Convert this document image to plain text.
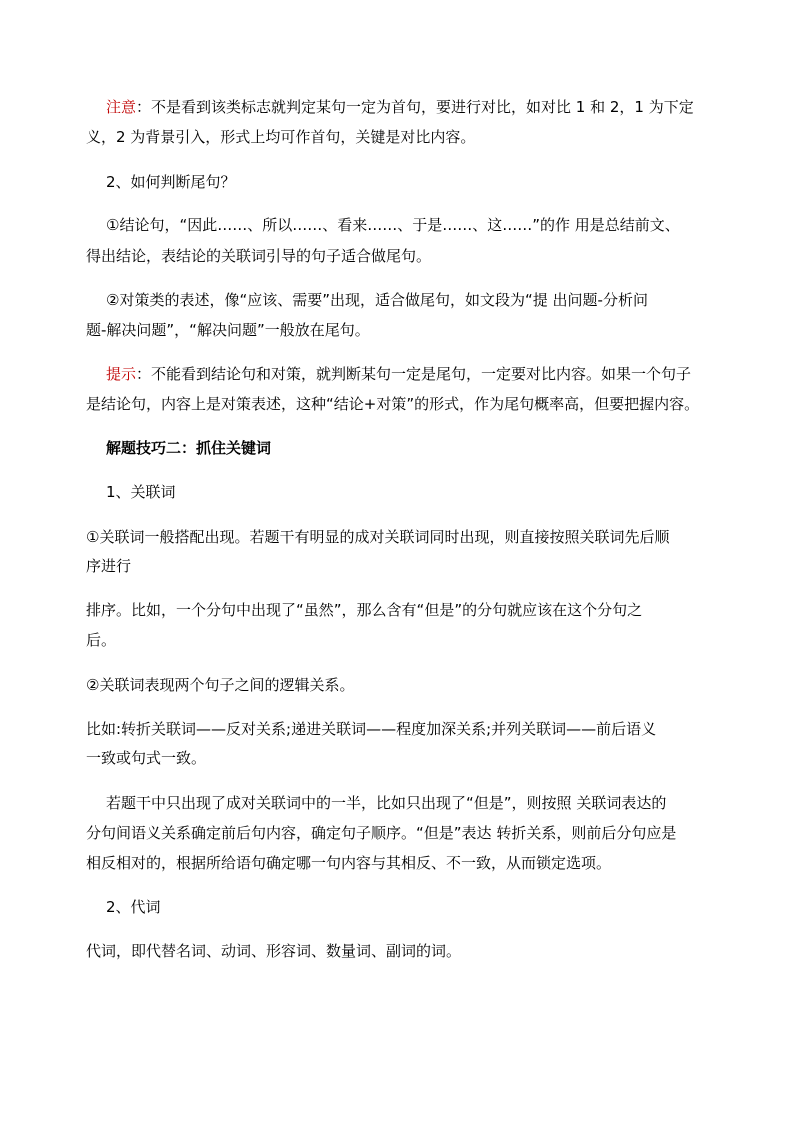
注意：不是看到该类标志就判定某句一定为首句，要进行对比，如对比 1 和 2，1 为下定
义，2 为背景引入，形式上均可作首句，关键是对比内容。
2、如何判断尾句？
①结论句，“因此……、所以……、看来……、于是……、这……”的作 用是总结前文、
得出结论，表结论的关联词引导的句子适合做尾句。
②对策类的表述，像“应该、需要”出现，适合做尾句，如文段为“提 出问题-分析问
题-解决问题”，“解决问题”一般放在尾句。
提示：不能看到结论句和对策，就判断某句一定是尾句，一定要对比内容。如果一个句子
是结论句，内容上是对策表述，这种“结论+对策”的形式，作为尾句概率高，但要把握内容。
解题技巧二：抓住关键词
1、关联词
①关联词一般搭配出现。若题干有明显的成对关联词同时出现，则直接按照关联词先后顺
序进行
排序。比如，一个分句中出现了“虽然”，那么含有“但是”的分句就应该在这个分句之
后。
②关联词表现两个句子之间的逻辑关系。
比如:转折关联词——反对关系;递进关联词——程度加深关系;并列关联词——前后语义
一致或句式一致。
若题干中只出现了成对关联词中的一半，比如只出现了“但是”，则按照 关联词表达的
分句间语义关系确定前后句内容，确定句子顺序。“但是”表达 转折关系，则前后分句应是
相反相对的，根据所给语句确定哪一句内容与其相反、不一致，从而锁定选项。
2、代词
代词，即代替名词、动词、形容词、数量词、副词的词。
